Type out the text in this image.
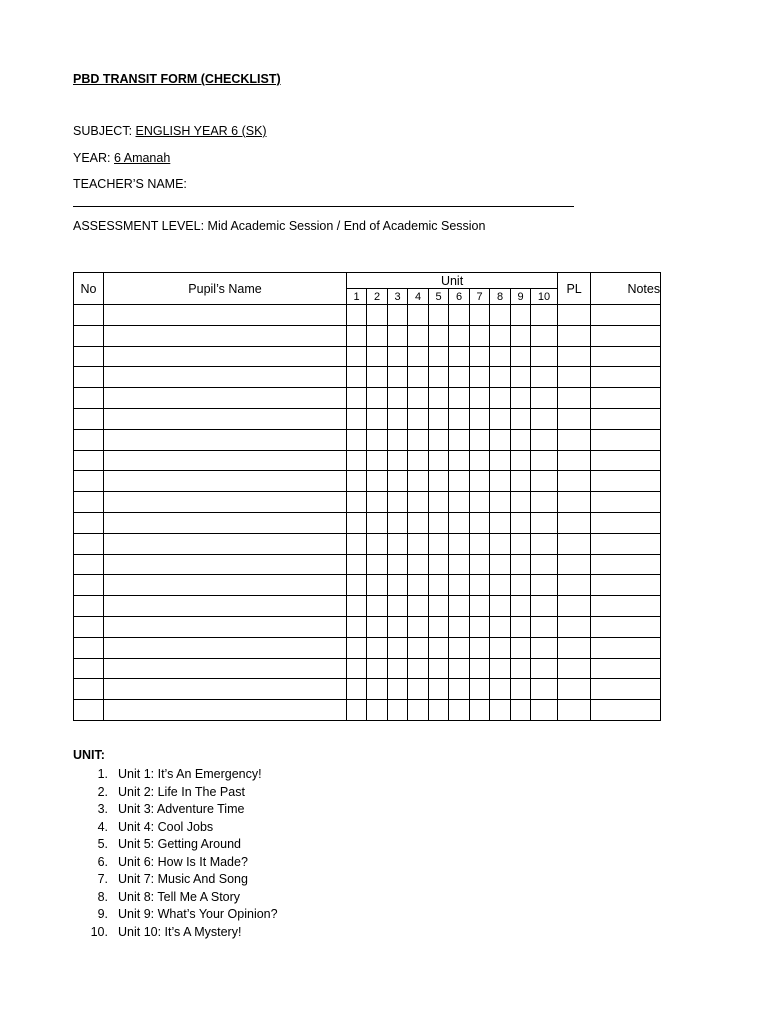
PBD TRANSIT FORM (CHECKLIST)
SUBJECT: ENGLISH YEAR 6 (SK)
YEAR: 6 Amanah
TEACHER’S NAME:
ASSESSMENT LEVEL: Mid Academic Session / End of Academic Session
No	Pupil’s Name	Unit										PL	Notes
		1	2	3	4	5	6	7	8	9	10		

UNIT:
1. Unit 1: It’s An Emergency!
2. Unit 2: Life In The Past
3. Unit 3: Adventure Time
4. Unit 4: Cool Jobs
5. Unit 5: Getting Around
6. Unit 6: How Is It Made?
7. Unit 7: Music And Song
8. Unit 8: Tell Me A Story
9. Unit 9: What’s Your Opinion?
10. Unit 10: It’s A Mystery!
